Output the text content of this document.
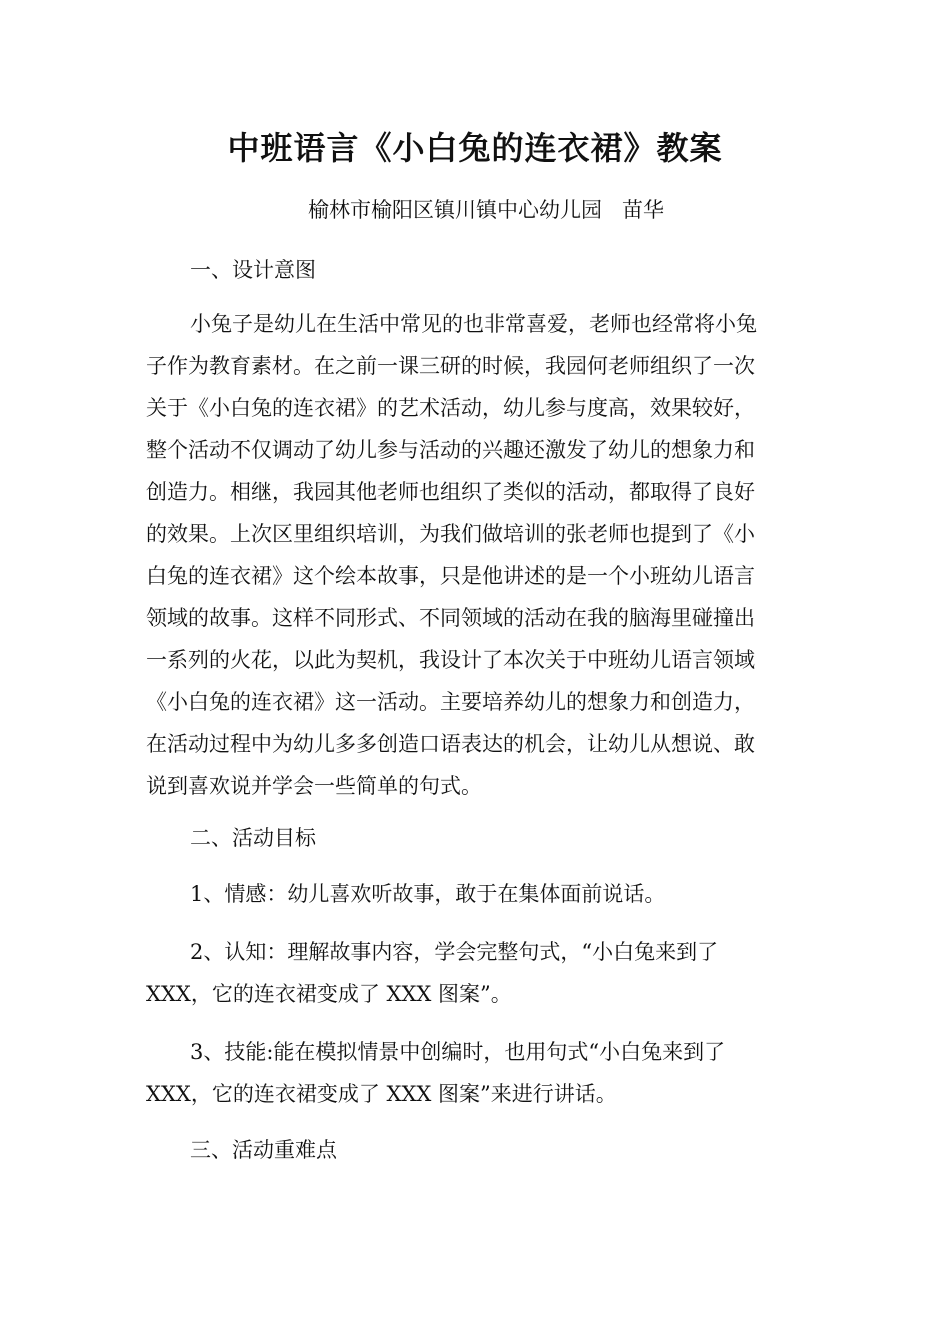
中班语言《小白兔的连衣裙》教案
榆林市榆阳区镇川镇中心幼儿园   苗华
一、设计意图
小兔子是幼儿在生活中常见的也非常喜爱，老师也经常将小兔
子作为教育素材。在之前一课三研的时候，我园何老师组织了一次
关于《小白兔的连衣裙》的艺术活动，幼儿参与度高，效果较好，
整个活动不仅调动了幼儿参与活动的兴趣还激发了幼儿的想象力和
创造力。相继，我园其他老师也组织了类似的活动，都取得了良好
的效果。上次区里组织培训，为我们做培训的张老师也提到了《小
白兔的连衣裙》这个绘本故事，只是他讲述的是一个小班幼儿语言
领域的故事。这样不同形式、不同领域的活动在我的脑海里碰撞出
一系列的火花，以此为契机，我设计了本次关于中班幼儿语言领域
《小白兔的连衣裙》这一活动。主要培养幼儿的想象力和创造力，
在活动过程中为幼儿多多创造口语表达的机会，让幼儿从想说、敢
说到喜欢说并学会一些简单的句式。
二、活动目标
1、情感：幼儿喜欢听故事，敢于在集体面前说话。
2、认知：理解故事内容，学会完整句式，“小白兔来到了
XXX，它的连衣裙变成了 XXX 图案”。
3、技能:能在模拟情景中创编时，也用句式“小白兔来到了
XXX，它的连衣裙变成了 XXX 图案”来进行讲话。
三、活动重难点
